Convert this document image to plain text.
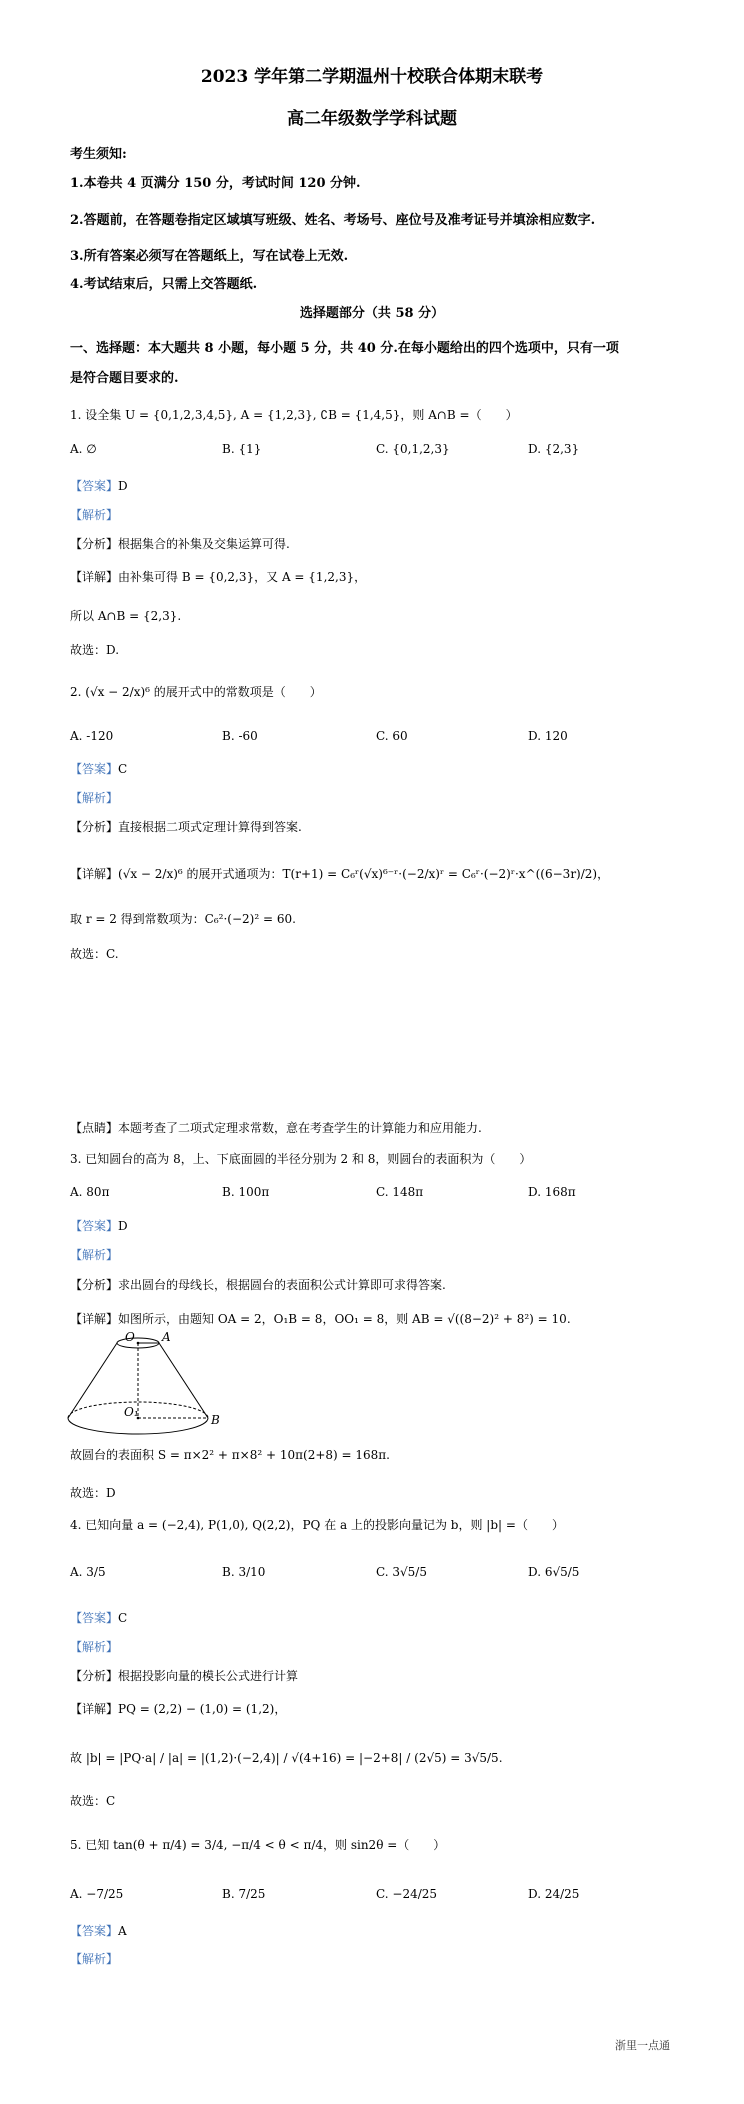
2023 学年第二学期温州十校联合体期末联考
高二年级数学学科试题
考生须知:
1.本卷共 4 页满分 150 分，考试时间 120 分钟.
2.答题前，在答题卷指定区域填写班级、姓名、考场号、座位号及准考证号并填涂相应数字.
3.所有答案必须写在答题纸上，写在试卷上无效.
4.考试结束后，只需上交答题纸.
选择题部分（共 58 分）
一、选择题：本大题共 8 小题，每小题 5 分，共 40 分.在每小题给出的四个选项中，只有一项
是符合题目要求的.
1. 设全集 U = {0,1,2,3,4,5}, A = {1,2,3}, ∁B = {1,4,5}，则 A∩B =（　　）
A. ∅	B. {1}	C. {0,1,2,3}	D. {2,3}
【答案】D
【解析】
【分析】根据集合的补集及交集运算可得.
【详解】由补集可得 B = {0,2,3}，又 A = {1,2,3}，
所以 A∩B = {2,3}.
故选：D.
2. (√x − 2/x)⁶ 的展开式中的常数项是（　　）
A. -120	B. -60	C. 60	D. 120
【答案】C
【解析】
【分析】直接根据二项式定理计算得到答案.
【详解】(√x − 2/x)⁶ 的展开式通项为：T(r+1) = C₆ʳ(√x)⁶⁻ʳ·(−2/x)ʳ = C₆ʳ·(−2)ʳ·x^((6−3r)/2)，
取 r = 2 得到常数项为：C₆²·(−2)² = 60.
故选：C.
【点睛】本题考查了二项式定理求常数，意在考查学生的计算能力和应用能力.
3. 已知圆台的高为 8，上、下底面圆的半径分别为 2 和 8，则圆台的表面积为（　　）
A. 80π	B. 100π	C. 148π	D. 168π
【答案】D
【解析】
【分析】求出圆台的母线长，根据圆台的表面积公式计算即可求得答案.
【详解】如图所示，由题知 OA = 2，O₁B = 8，OO₁ = 8，则 AB = √((8−2)² + 8²) = 10.
O A
O₁
B
故圆台的表面积 S = π×2² + π×8² + 10π(2+8) = 168π.
故选：D
4. 已知向量 a = (−2,4), P(1,0), Q(2,2)，PQ 在 a 上的投影向量记为 b，则 |b| =（　　）
A. 3/5	B. 3/10	C. 3√5/5	D. 6√5/5
【答案】C
【解析】
【分析】根据投影向量的模长公式进行计算
【详解】PQ = (2,2) − (1,0) = (1,2)，
故 |b| = |PQ·a| / |a| = |(1,2)·(−2,4)| / √(4+16) = |−2+8| / (2√5) = 3√5/5.
故选：C
5. 已知 tan(θ + π/4) = 3/4, −π/4 < θ < π/4，则 sin2θ =（　　）
A. −7/25	B. 7/25	C. −24/25	D. 24/25
【答案】A
【解析】
浙里一点通
